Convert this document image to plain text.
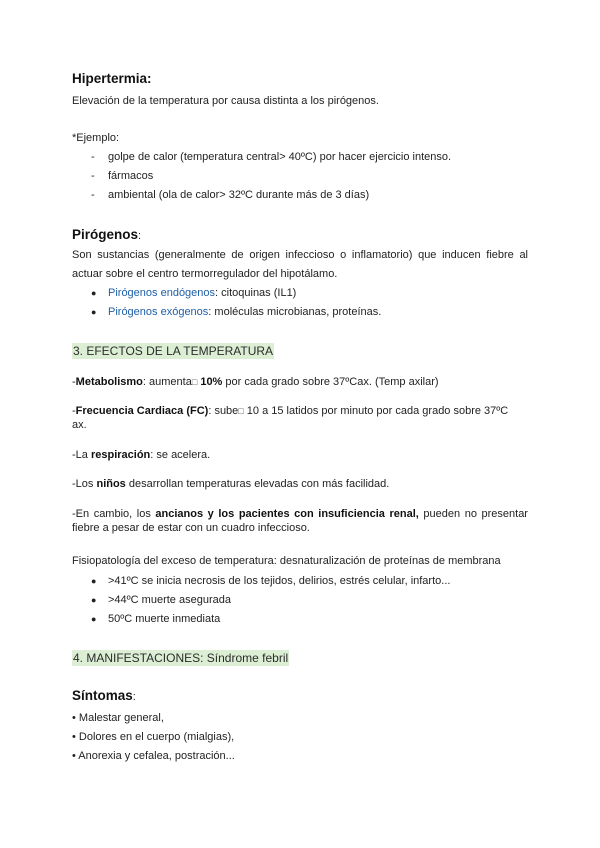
Hipertermia:
Elevación de la temperatura por causa distinta a los pirógenos.
*Ejemplo:
- golpe de calor (temperatura central> 40ºC) por hacer ejercicio intenso.
- fármacos
- ambiental (ola de calor> 32ºC durante más de 3 días)
Pirógenos:
Son sustancias (generalmente de origen infeccioso o inflamatorio) que inducen fiebre al
actuar sobre el centro termorregulador del hipotálamo.
● Pirógenos endógenos: citoquinas (IL1)
● Pirógenos exógenos: moléculas microbianas, proteínas.
3. EFECTOS DE LA TEMPERATURA
-Metabolismo: aumenta□ 10% por cada grado sobre 37ºCax. (Temp axilar)
-Frecuencia Cardiaca (FC): sube□ 10 a 15 latidos por minuto por cada grado sobre 37ºC
ax.
-La respiración: se acelera.
-Los niños desarrollan temperaturas elevadas con más facilidad.
-En cambio, los ancianos y los pacientes con insuficiencia renal, pueden no presentar
fiebre a pesar de estar con un cuadro infeccioso.
Fisiopatología del exceso de temperatura: desnaturalización de proteínas de membrana
● >41ºC se inicia necrosis de los tejidos, delirios, estrés celular, infarto...
● >44ºC muerte asegurada
● 50ºC muerte inmediata
4. MANIFESTACIONES: Síndrome febril
Síntomas:
• Malestar general,
• Dolores en el cuerpo (mialgias),
• Anorexia y cefalea, postración...
